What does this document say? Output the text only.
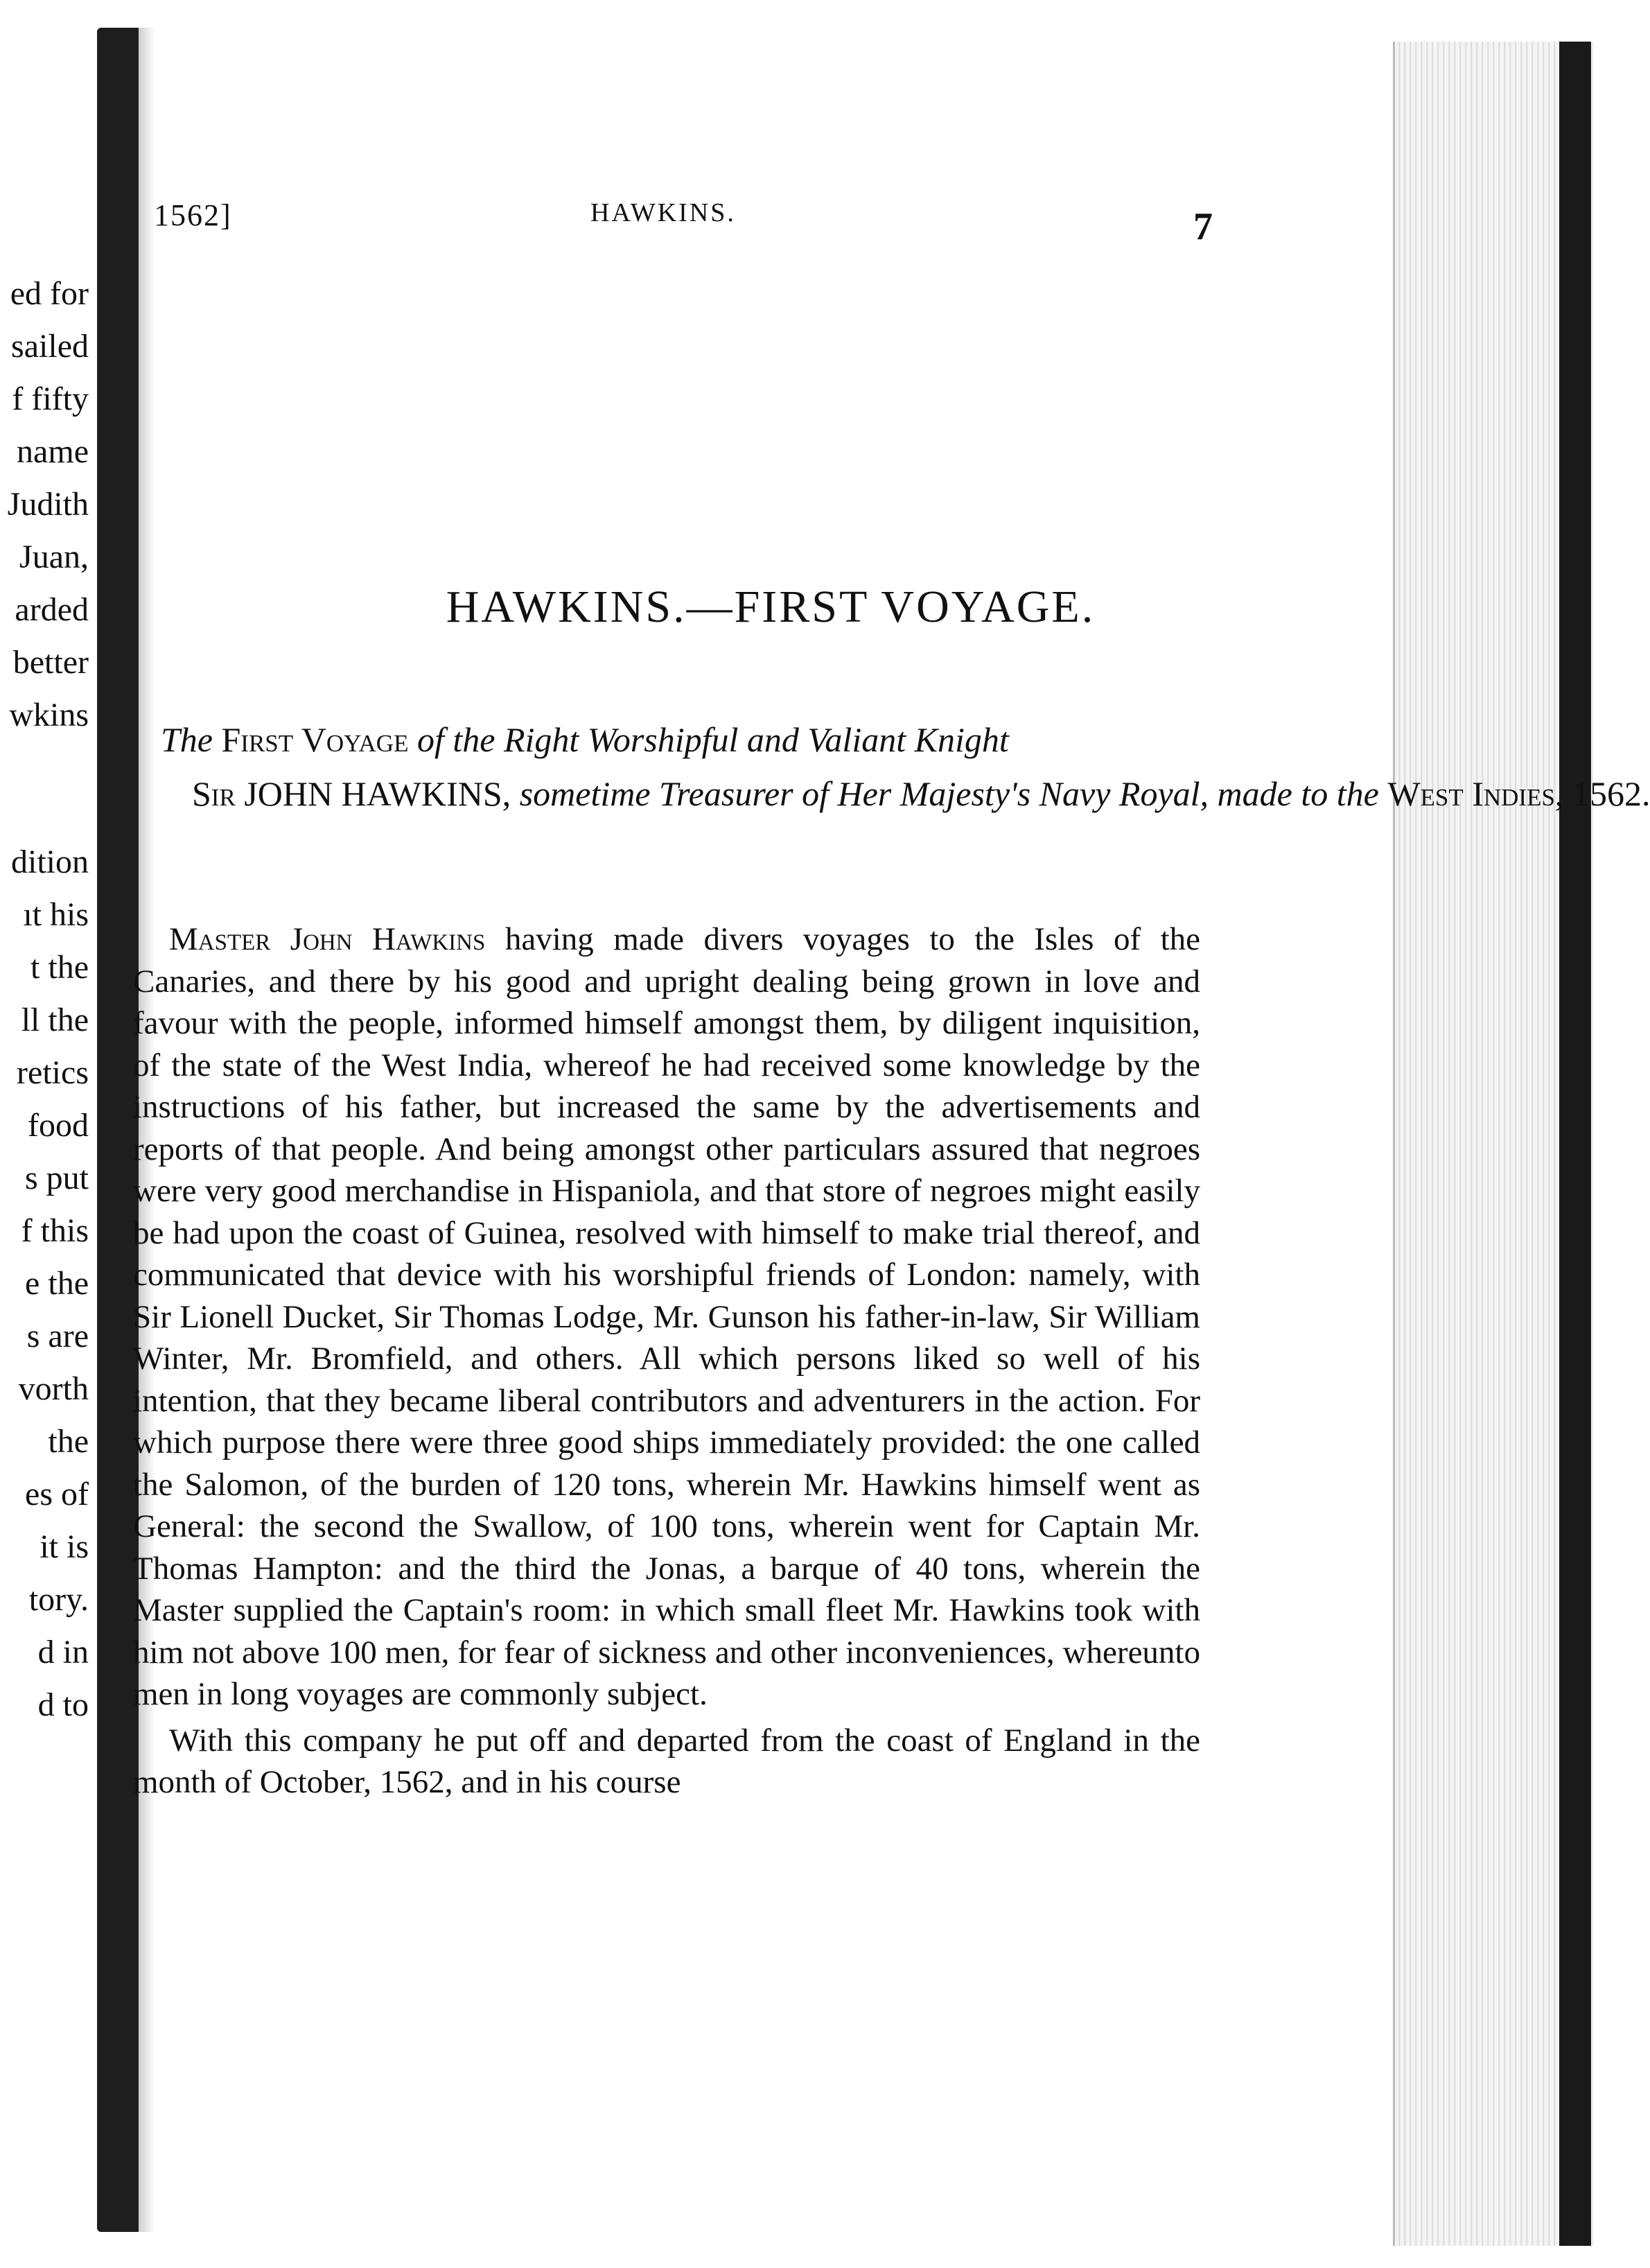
ed for
sailed
f fifty
name
Judith
Juan,
arded
better
wkins
dition
ıt his
t the
ll the
retics
food
s put
f this
e the
s are
vorth
the
es of
it is
tory.
d in
d to
1562]	HAWKINS.	7
HAWKINS.—FIRST VOYAGE.
The First Voyage of the Right Worshipful and Valiant Knight
Sir JOHN HAWKINS, sometime Treasurer of Her Majesty's Navy Royal, made to the West Indies, 1562.

Master John Hawkins having made divers voyages to the Isles of the Canaries, and there by his good and upright dealing being grown in love and favour with the people, informed himself amongst them, by diligent inquisition, of the state of the West India, whereof he had received some knowledge by the instructions of his father, but increased the same by the advertisements and reports of that people. And being amongst other particulars assured that negroes were very good merchandise in Hispaniola, and that store of negroes might easily be had upon the coast of Guinea, resolved with himself to make trial thereof, and communicated that device with his worshipful friends of London: namely, with Sir Lionell Ducket, Sir Thomas Lodge, Mr. Gunson his father-in-law, Sir William Winter, Mr. Bromfield, and others. All which persons liked so well of his intention, that they became liberal contributors and adventurers in the action. For which purpose there were three good ships immediately provided: the one called the Salomon, of the burden of 120 tons, wherein Mr. Hawkins himself went as General: the second the Swallow, of 100 tons, wherein went for Captain Mr. Thomas Hampton: and the third the Jonas, a barque of 40 tons, wherein the Master supplied the Captain's room: in which small fleet Mr. Hawkins took with him not above 100 men, for fear of sickness and other inconveniences, whereunto men in long voyages are commonly subject.

With this company he put off and departed from the coast of England in the month of October, 1562, and in his course
